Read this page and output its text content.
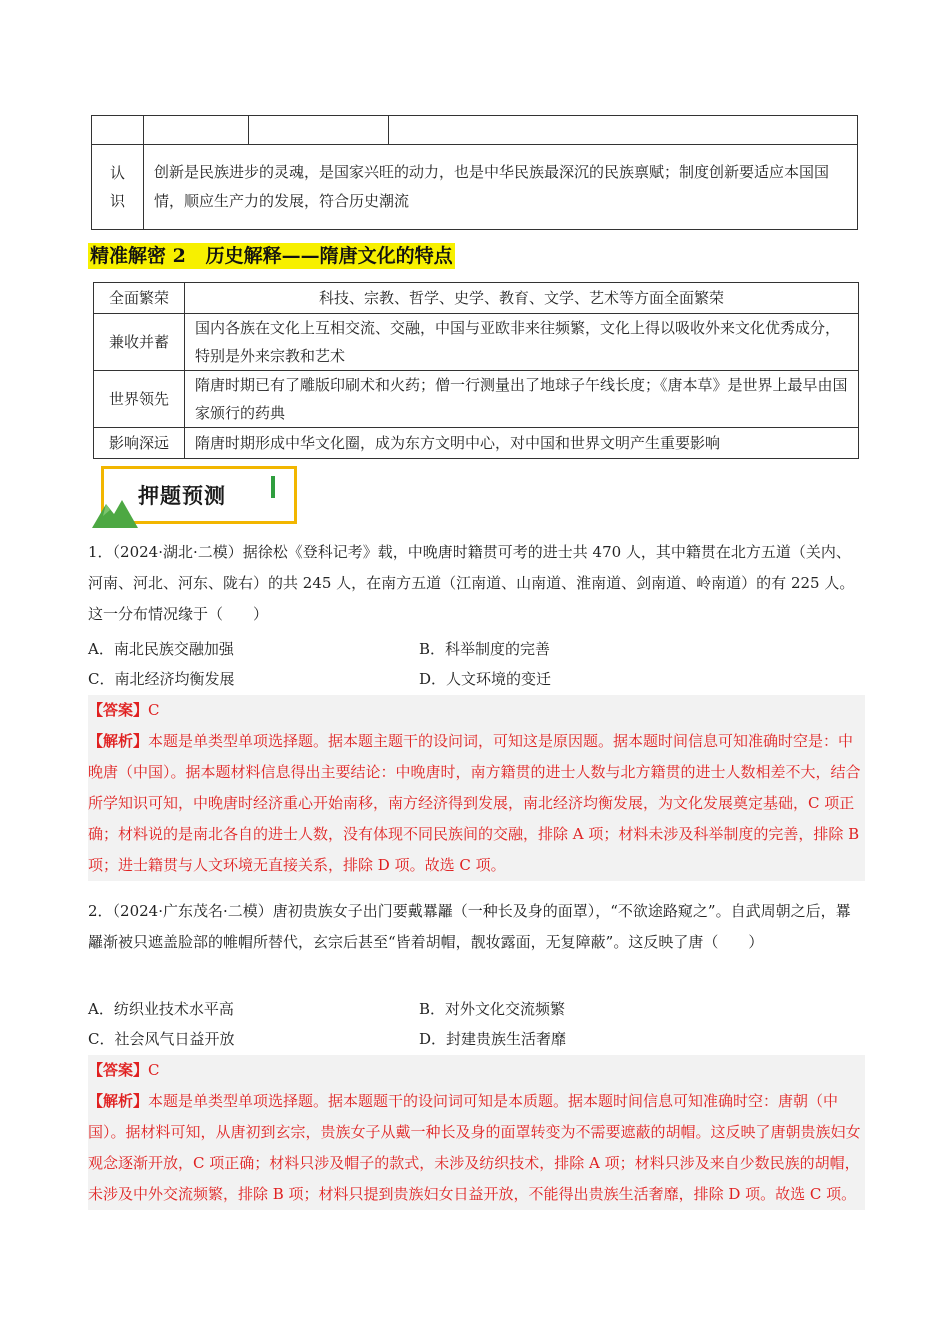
认
识	创新是民族进步的灵魂，是国家兴旺的动力，也是中华民族最深沉的民族禀赋；制度创新要适应本国国情，顺应生产力的发展，符合历史潮流		
精准解密 2   历史解释——隋唐文化的特点
全面繁荣	科技、宗教、哲学、史学、教育、文学、艺术等方面全面繁荣
兼收并蓄	国内各族在文化上互相交流、交融，中国与亚欧非来往频繁，文化上得以吸收外来文化优秀成分，特别是外来宗教和艺术
世界领先	隋唐时期已有了雕版印刷术和火药；僧一行测量出了地球子午线长度；《唐本草》是世界上最早由国家颁行的药典
影响深远	隋唐时期形成中华文化圈，成为东方文明中心，对中国和世界文明产生重要影响
押题预测
1．（2024·湖北·二模）据徐松《登科记考》载，中晚唐时籍贯可考的进士共 470 人，其中籍贯在北方五道（关内、河南、河北、河东、陇右）的共 245 人，在南方五道（江南道、山南道、淮南道、剑南道、岭南道）的有 225 人。这一分布情况缘于（　　）
A．南北民族交融加强	B．科举制度的完善
C．南北经济均衡发展	D．人文环境的变迁
【答案】C
【解析】本题是单类型单项选择题。据本题主题干的设问词，可知这是原因题。据本题时间信息可知准确时空是：中晚唐（中国）。据本题材料信息得出主要结论：中晚唐时，南方籍贯的进士人数与北方籍贯的进士人数相差不大，结合所学知识可知，中晚唐时经济重心开始南移，南方经济得到发展，南北经济均衡发展，为文化发展奠定基础，C 项正确；材料说的是南北各自的进士人数，没有体现不同民族间的交融，排除 A 项；材料未涉及科举制度的完善，排除 B 项；进士籍贯与人文环境无直接关系，排除 D 项。故选 C 项。
2．（2024·广东茂名·二模）唐初贵族女子出门要戴羃䍦（一种长及身的面罩），“不欲途路窥之”。自武周朝之后，羃䍦渐被只遮盖脸部的帷帽所替代，玄宗后甚至“皆着胡帽，靓妆露面，无复障蔽”。这反映了唐（　　）
A．纺织业技术水平高	B．对外文化交流频繁
C．社会风气日益开放	D．封建贵族生活奢靡
【答案】C
【解析】本题是单类型单项选择题。据本题题干的设问词可知是本质题。据本题时间信息可知准确时空：唐朝（中国）。据材料可知，从唐初到玄宗，贵族女子从戴一种长及身的面罩转变为不需要遮蔽的胡帽。这反映了唐朝贵族妇女观念逐渐开放，C 项正确；材料只涉及帽子的款式，未涉及纺织技术，排除 A 项；材料只涉及来自少数民族的胡帽，未涉及中外交流频繁，排除 B 项；材料只提到贵族妇女日益开放，不能得出贵族生活奢靡，排除 D 项。故选 C 项。
